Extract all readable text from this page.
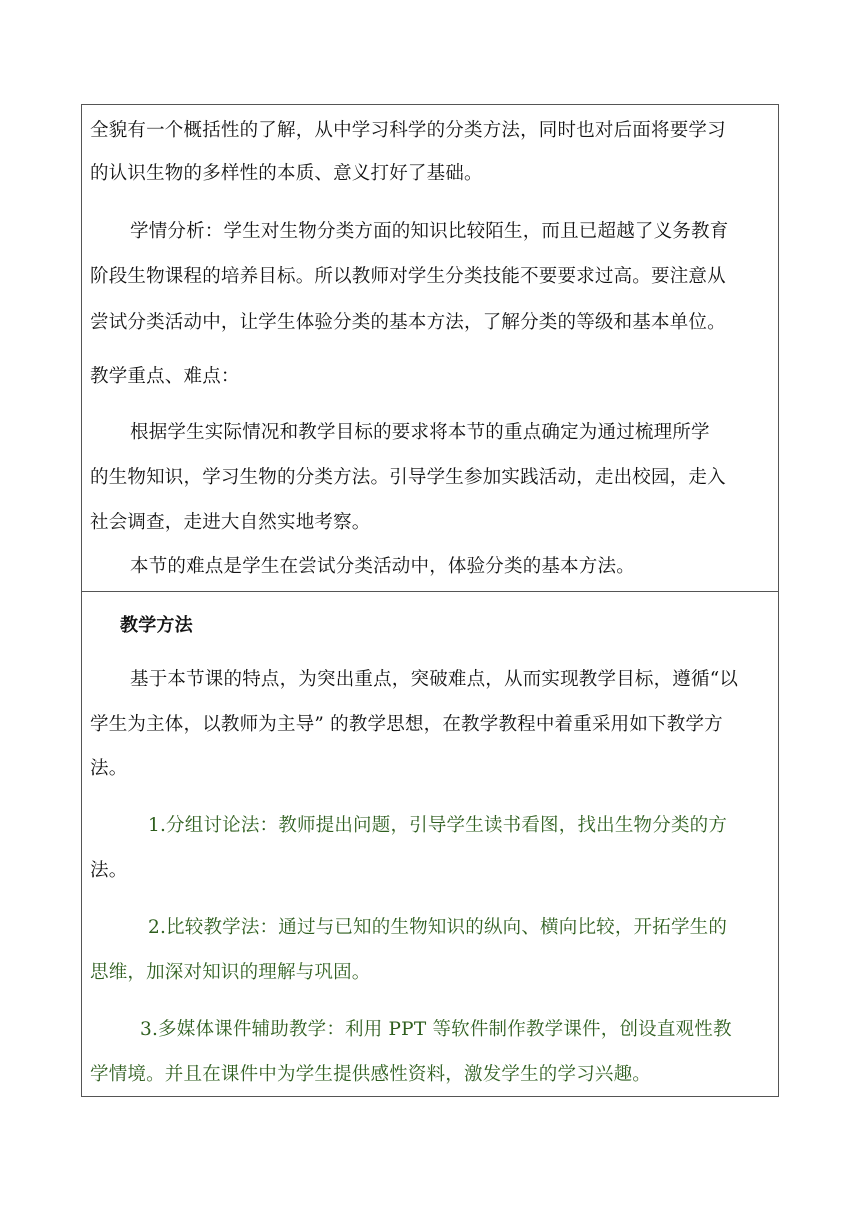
全貌有一个概括性的了解，从中学习科学的分类方法，同时也对后面将要学习
的认识生物的多样性的本质、意义打好了基础。
学情分析：学生对生物分类方面的知识比较陌生，而且已超越了义务教育
阶段生物课程的培养目标。所以教师对学生分类技能不要要求过高。要注意从
尝试分类活动中，让学生体验分类的基本方法，了解分类的等级和基本单位。
教学重点、难点：
根据学生实际情况和教学目标的要求将本节的重点确定为通过梳理所学
的生物知识，学习生物的分类方法。引导学生参加实践活动，走出校园，走入
社会调查，走进大自然实地考察。
本节的难点是学生在尝试分类活动中，体验分类的基本方法。
教学方法
基于本节课的特点，为突出重点，突破难点，从而实现教学目标，遵循“以
学生为主体，以教师为主导” 的教学思想，在教学教程中着重采用如下教学方
法。
1.分组讨论法：教师提出问题，引导学生读书看图，找出生物分类的方
法。
2.比较教学法：通过与已知的生物知识的纵向、横向比较，开拓学生的
思维，加深对知识的理解与巩固。
3.多媒体课件辅助教学：利用 PPT 等软件制作教学课件，创设直观性教
学情境。并且在课件中为学生提供感性资料，激发学生的学习兴趣。
